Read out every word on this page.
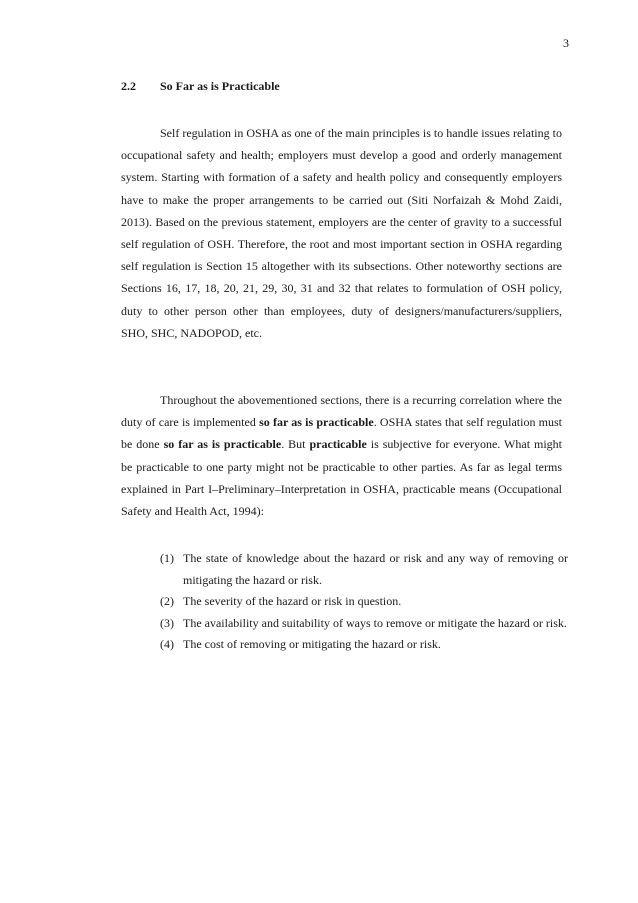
3
2.2 So Far as is Practicable

Self regulation in OSHA as one of the main principles is to handle issues relating to occupational safety and health; employers must develop a good and orderly management system. Starting with formation of a safety and health policy and consequently employers have to make the proper arrangements to be carried out (Siti Norfaizah & Mohd Zaidi, 2013). Based on the previous statement, employers are the center of gravity to a successful self regulation of OSH. Therefore, the root and most important section in OSHA regarding self regulation is Section 15 altogether with its subsections. Other noteworthy sections are Sections 16, 17, 18, 20, 21, 29, 30, 31 and 32 that relates to formulation of OSH policy, duty to other person other than employees, duty of designers/manufacturers/suppliers, SHO, SHC, NADOPOD, etc.

Throughout the abovementioned sections, there is a recurring correlation where the duty of care is implemented so far as is practicable. OSHA states that self regulation must be done so far as is practicable. But practicable is subjective for everyone. What might be practicable to one party might not be practicable to other parties. As far as legal terms explained in Part I–Preliminary–Interpretation in OSHA, practicable means (Occupational Safety and Health Act, 1994):

(1) The state of knowledge about the hazard or risk and any way of removing or mitigating the hazard or risk.
(2) The severity of the hazard or risk in question.
(3) The availability and suitability of ways to remove or mitigate the hazard or risk.
(4) The cost of removing or mitigating the hazard or risk.
